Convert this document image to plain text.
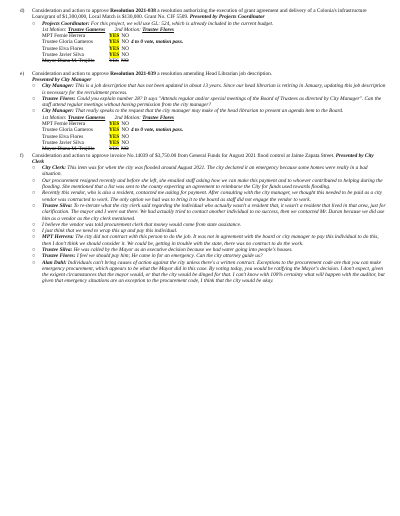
d)	Consideration and action to approve Resolution 2021-038 a resolution authorizing the execution of grant agreement and delivery of a Colonia's infrastructure Loan/grant of $1,300,000, Local Match is $130,000. Grant No. CIF 5509. Presented by Projects Coordinator
○	Projects Coordinator: For this project, we will use GL: 524, which is already included in the current budget.
1st Motion: Trustee Gameros 2nd Motion: Trustee Flores
MPT Fernie Herrera	YES NO
Trustee Gloria Gameros	YES NO 4 to 0 vote, motion pass.
Trustee Elva Flores	YES NO
Trustee Javier Silva	YES NO
Mayor Diana M. Trujillo	YES NO
e)	Consideration and action to approve Resolution 2021-039 a resolution amending Head Librarian job description.
Presented by City Manager
○	City Manager: This is a job description that has not been updated in about 13 years. Since our head librarian is retiring in January, updating this job description is necessary for the recruitment process.
○	Trustee Flores: Could you explain number 28? It says "Attends regular and/or special meetings of the Board of Trustees as directed by City Manager". Can the staff attend regular meetings without having permission from the city manager?
○	City Manager: That really speaks to the request that the city manager may make of the head librarian to present an agenda item to the Board.
1st Motion: Trustee Gameros 2nd Motion: Trustee Flores
MPT Fernie Herrera	YES NO
Trustee Gloria Gameros	YES NO 4 to 0 vote, motion pass.
Trustee Elva Flores	YES NO
Trustee Javier Silva	YES NO
Mayor Diana M. Trujillo	YES NO
f)	Consideration and action to approve invoice No.14039 of $3,750.00 from General Funds for August 2021 flood control at Jaime Zapata Street. Presented by City Clerk
○	City Clerk: This item was for when the city was flooded around August 2021. The city declared it an emergency because some homes were really in a bad situation.
○	Our procurement resigned recently and before she left, she emailed staff asking how we can make this payment and to whoever contributed to helping during the flooding. She mentioned that a list was sent to the county expecting an agreement to reimburse the City for funds used towards flooding.
○	Recently this vendor, who is also a resident, contacted me asking for payment. After consulting with the city manager, we thought this needed to be paid as a city vendor was contracted to work. The only option we had was to bring it to the board as staff did not engage the vendor to work.
○	Trustee Silva: To re-iterate what the city clerk said regarding the individual who actually wasn't a resident that, it wasn't a resident that lived in that area, just for clarification. The mayor and I were out there. We had actually tried to contact another individual to no success, then we contacted Mr. Duran because we did use him as a vendor as the city clerk mentioned.
○	I believe the vendor was told procurement clerk that money would come from state assistance.
○	I just think that we need to wrap this up and pay this individual.
○	MPT Herrera: The city did not contract with this person to do the job. It was not in agreement with the board or city manager to pay this individual to do this, then I don't think we should consider it. We could be, getting in trouble with the state, there was no contract to do the work.
○	Trustee Silva: He was called by the Mayor as an executive decision because we had water going into people's houses.
○	Trustee Flores: I feel we should pay him; He came in for an emergency. Can the city attorney guide us?
○	Alan Dahl: Individuals can't bring causes of action against the city unless there's a written contract. Exceptions to the procurement code are that you can make emergency procurement, which appears to be what the Mayor did in this case. By voting today, you would be ratifying the Mayor's decision. I don't expect, given the exigent circumstances that the mayor would, or that the city would be dinged for that. I can't know with 100% certainty what will happen with the auditor, but given that emergency situations are an exception to the procurement code, I think that the city would be okay.
